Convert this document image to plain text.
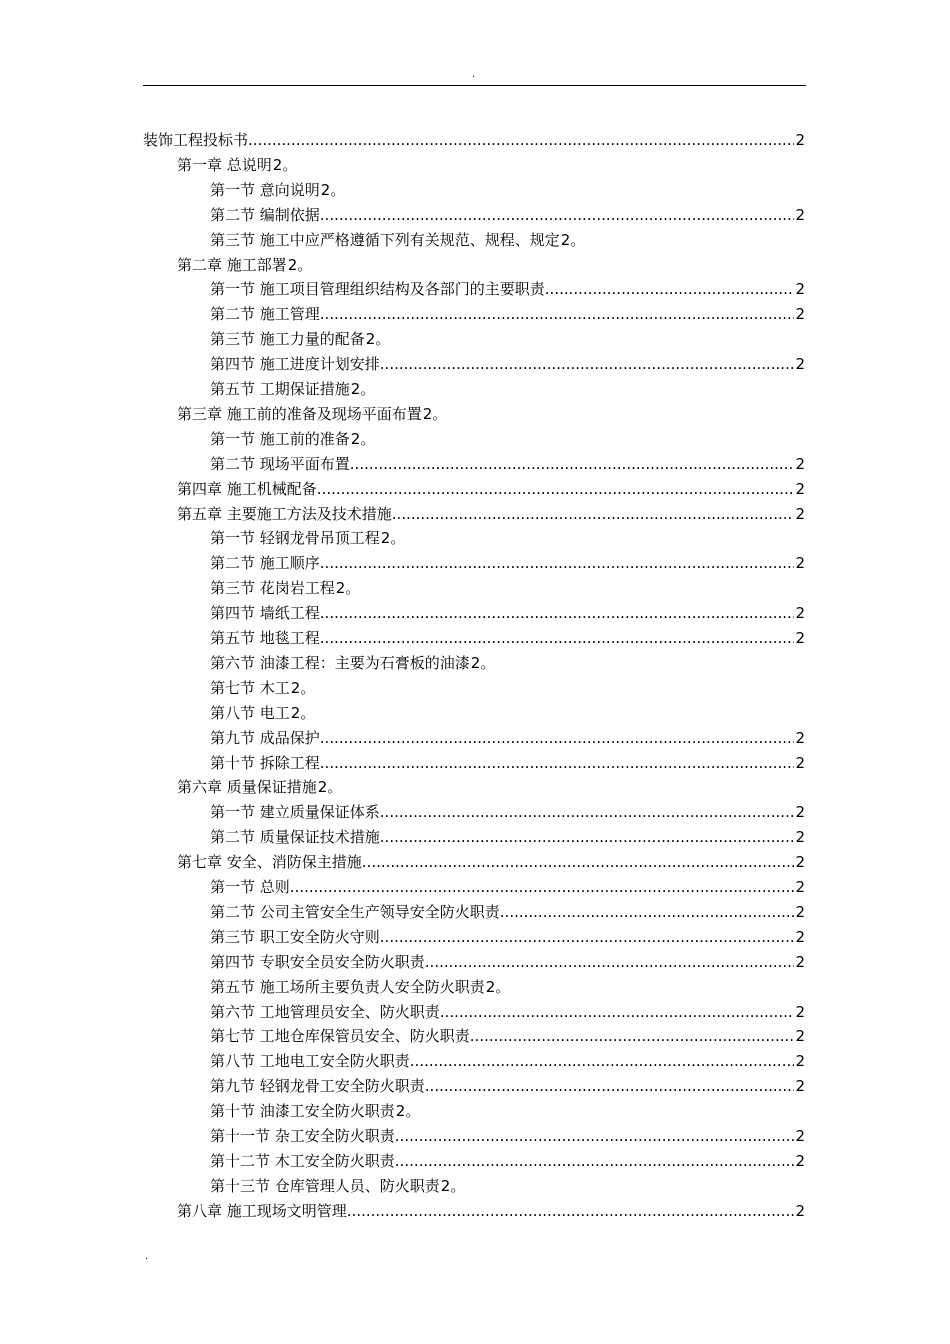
.
装饰工程投标书 .....	2
第一章 总说明 2 。
第一节 意向说明 2 。
第二节 编制依据 .....	2
第三节 施工中应严格遵循下列有关规范、规程、规定 2 。
第二章 施工部署 2 。
第一节 施工项目管理组织结构及各部门的主要职责 .....	2
第二节 施工管理 .....	2
第三节 施工力量的配备 2 。
第四节 施工进度计划安排 .....	2
第五节 工期保证措施 2 。
第三章 施工前的准备及现场平面布置 2 。
第一节 施工前的准备 2 。
第二节 现场平面布置 .....	2
第四章 施工机械配备 .....	2
第五章 主要施工方法及技术措施 .....	2
第一节 轻钢龙骨吊顶工程 2 。
第二节 施工顺序 .....	2
第三节 花岗岩工程 2 。
第四节 墙纸工程 .....	2
第五节 地毯工程 .....	2
第六节 油漆工程：主要为石膏板的油漆 2 。
第七节 木工 2 。
第八节 电工 2 。
第九节 成品保护 .....	2
第十节 拆除工程 .....	2
第六章 质量保证措施 2 。
第一节 建立质量保证体系 .....	2
第二节 质量保证技术措施 .....	2
第七章 安全、消防保主措施 .....	2
第一节 总则 .....	2
第二节 公司主管安全生产领导安全防火职责 .....	2
第三节 职工安全防火守则 .....	2
第四节 专职安全员安全防火职责 .....	2
第五节 施工场所主要负责人安全防火职责 2 。
第六节 工地管理员安全、防火职责 .....	2
第七节 工地仓库保管员安全、防火职责 .....	2
第八节 工地电工安全防火职责 .....	2
第九节 轻钢龙骨工安全防火职责 .....	2
第十节 油漆工安全防火职责 2 。
第十一节 杂工安全防火职责 .....	2
第十二节 木工安全防火职责 .....	2
第十三节 仓库管理人员、防火职责 2 。
第八章 施工现场文明管理 .....	2
.
